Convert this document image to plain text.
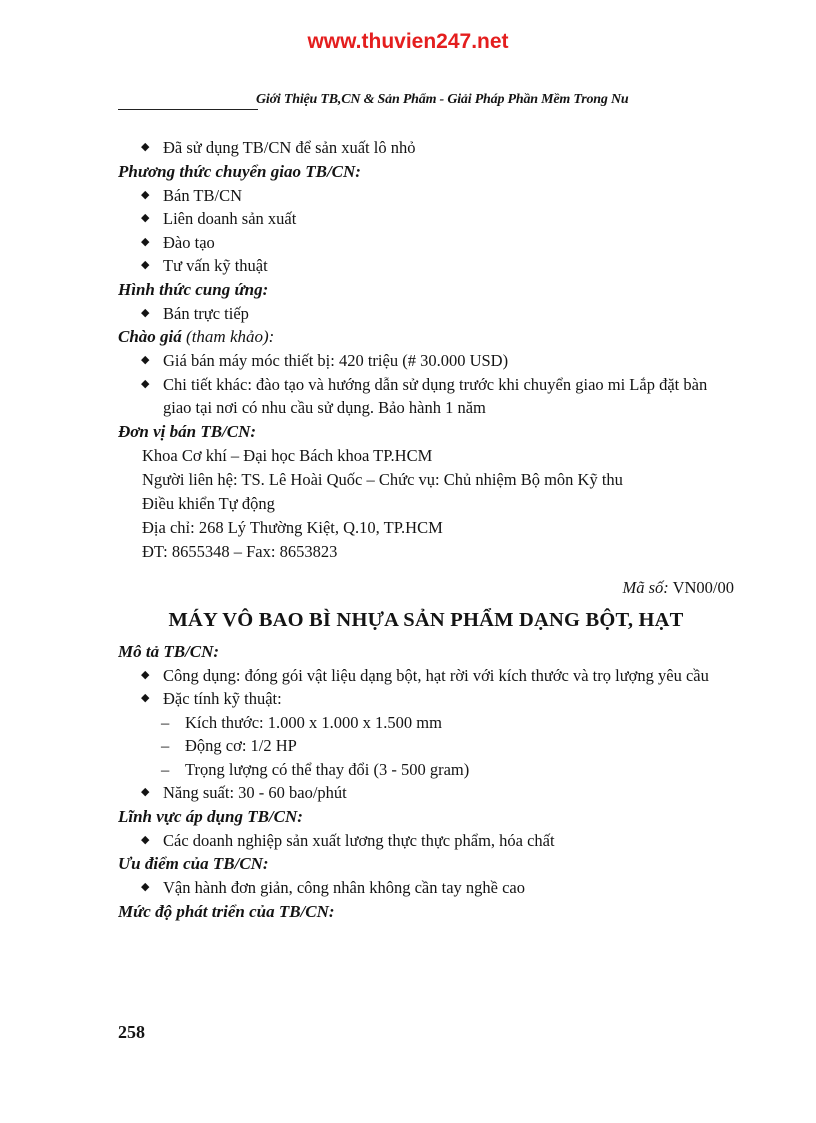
www.thuvien247.net
Giới Thiệu TB,CN & Sản Phẩm - Giải Pháp Phần Mềm Trong Nu

◆ Đã sử dụng TB/CN để sản xuất lô nhỏ

Phương thức chuyển giao TB/CN:

◆ Bán TB/CN

◆ Liên doanh sản xuất

◆ Đào tạo

◆ Tư vấn kỹ thuật

Hình thức cung ứng:

◆ Bán trực tiếp

Chào giá (tham khảo):

◆ Giá bán máy móc thiết bị: 420 triệu (# 30.000 USD)

◆ Chi tiết khác: đào tạo và hướng dẫn sử dụng trước khi chuyển giao mi Lắp đặt bàn giao tại nơi có nhu cầu sử dụng. Bảo hành 1 năm

Đơn vị bán TB/CN:

Khoa Cơ khí – Đại học Bách khoa TP.HCM

Người liên hệ: TS. Lê Hoài Quốc – Chức vụ: Chủ nhiệm Bộ môn Kỹ thu

Điều khiển Tự động

Địa chỉ: 268 Lý Thường Kiệt, Q.10, TP.HCM

ĐT: 8655348 – Fax: 8653823

Mã số: VN00/00

MÁY VÔ BAO BÌ NHỰA SẢN PHẨM DẠNG BỘT, HẠT

Mô tả TB/CN:

◆ Công dụng: đóng gói vật liệu dạng bột, hạt rời với kích thước và trọ lượng yêu cầu

◆ Đặc tính kỹ thuật:

– Kích thước: 1.000 x 1.000 x 1.500 mm

– Động cơ: 1/2 HP

– Trọng lượng có thể thay đổi (3 - 500 gram)

◆ Năng suất: 30 - 60 bao/phút

Lĩnh vực áp dụng TB/CN:

◆ Các doanh nghiệp sản xuất lương thực thực phẩm, hóa chất

Ưu điểm của TB/CN:

◆ Vận hành đơn giản, công nhân không cần tay nghề cao

Mức độ phát triển của TB/CN:

258
